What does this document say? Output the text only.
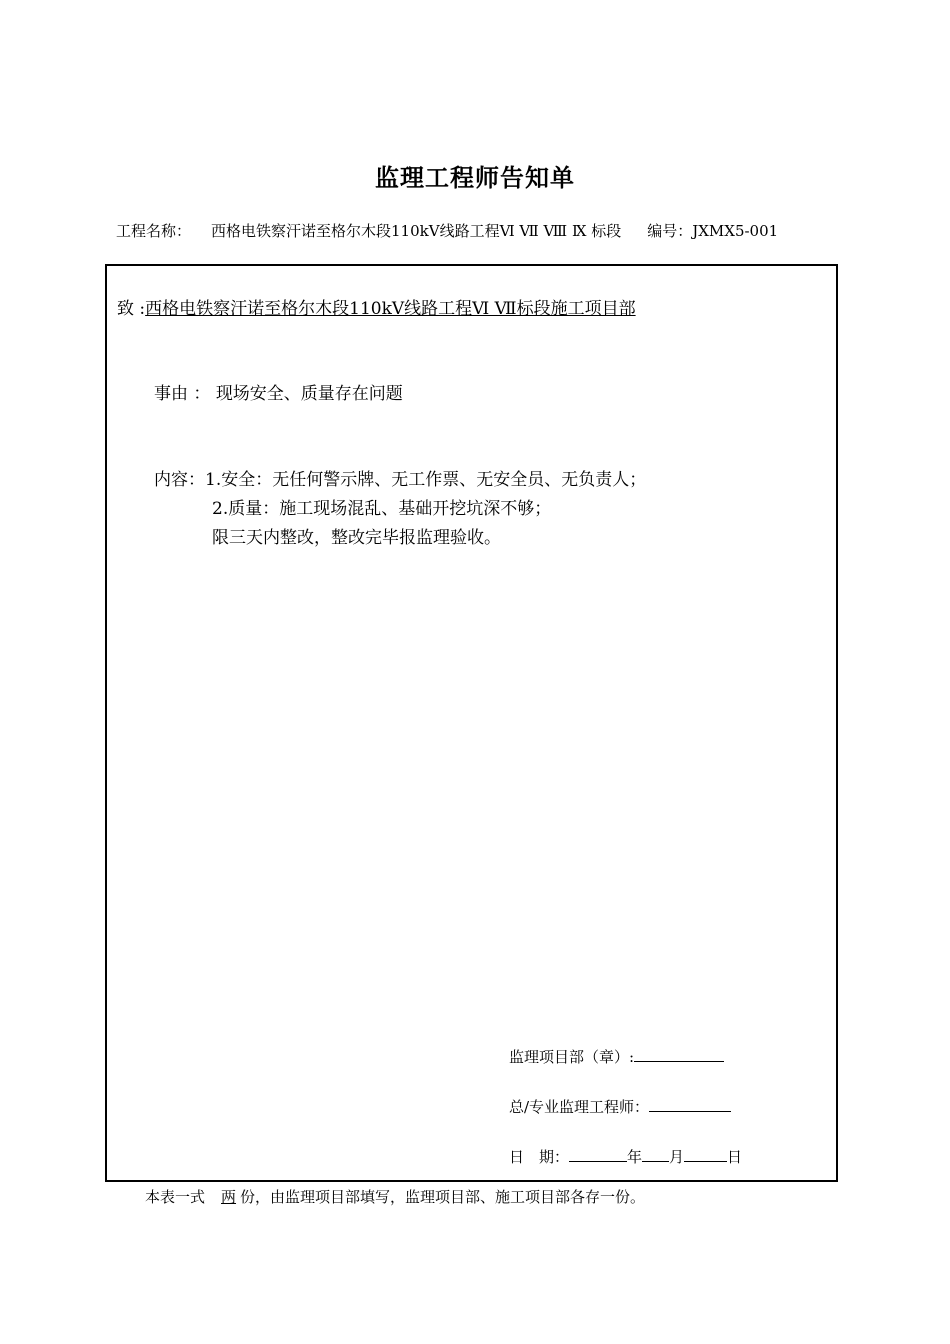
监理工程师告知单
工程名称： 西格电铁察汗诺至格尔木段110kV线路工程Ⅵ Ⅶ Ⅷ Ⅸ 标段 编号：JXMX5-001
致 :西格电铁察汗诺至格尔木段110kV线路工程Ⅵ Ⅶ标段施工项目部
事由 ： 现场安全、质量存在问题
内容：1.安全：无任何警示牌、无工作票、无安全员、无负责人；
2.质量：施工现场混乱、基础开挖坑深不够；
限三天内整改，整改完毕报监理验收。
监理项目部（章）:
总/专业监理工程师：
日　期：	年 月	日
本表一式 两 份，由监理项目部填写，监理项目部、施工项目部各存一份。
